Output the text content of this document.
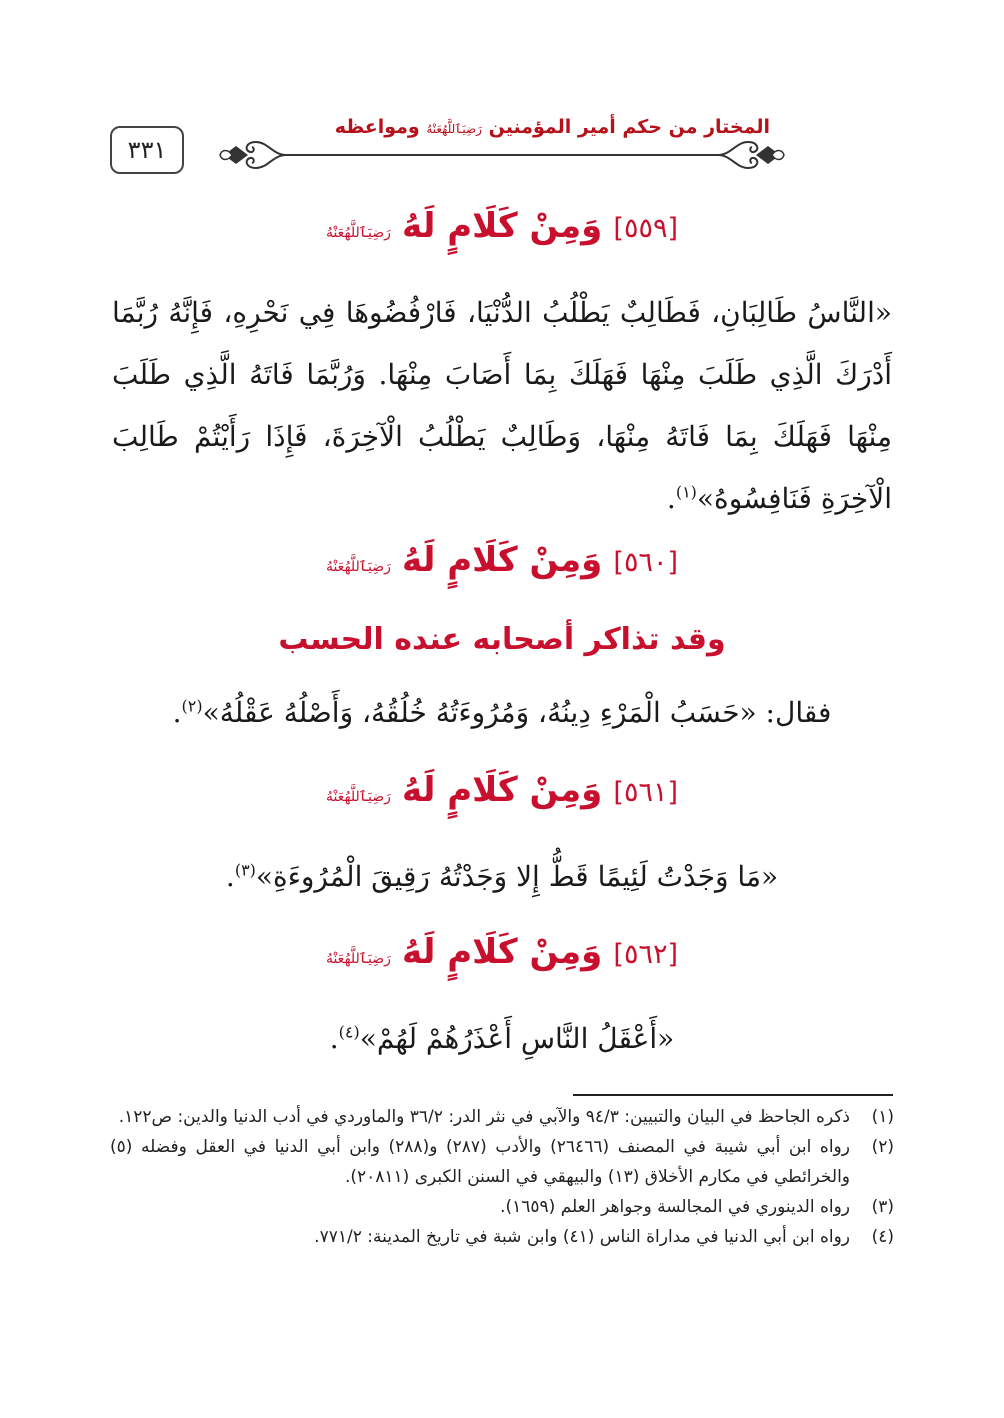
٣٣١
المختار من حكم أمير المؤمنين رَضِيَٱللَّهُعَنْهُ ومواعظه
[٥٥٩] وَمِنْ كَلَامٍ لَهُ رَضِيَٱللَّهُعَنْهُ
«النَّاسُ طَالِبَانِ، فَطَالِبٌ يَطْلُبُ الدُّنْيَا، فَارْفُضُوهَا فِي نَحْرِهِ، فَإِنَّهُ رُبَّمَا أَدْرَكَ الَّذِي طَلَبَ مِنْهَا فَهَلَكَ بِمَا أَصَابَ مِنْهَا. وَرُبَّمَا فَاتَهُ الَّذِي طَلَبَ مِنْهَا فَهَلَكَ بِمَا فَاتَهُ مِنْهَا، وَطَالِبٌ يَطْلُبُ الْآخِرَةَ، فَإِذَا رَأَيْتُمْ طَالِبَ الْآخِرَةِ فَنَافِسُوهُ»$^{(١)}$.
[٥٦٠] وَمِنْ كَلَامٍ لَهُ رَضِيَٱللَّهُعَنْهُ
وقد تذاكر أصحابه عنده الحسب
فقال: «حَسَبُ الْمَرْءِ دِينُهُ، وَمُرُوءَتُهُ خُلُقُهُ، وَأَصْلُهُ عَقْلُهُ»$^{(٢)}$.
[٥٦١] وَمِنْ كَلَامٍ لَهُ رَضِيَٱللَّهُعَنْهُ
«مَا وَجَدْتُ لَئِيمًا قَطُّ إِلا وَجَدْتُهُ رَقِيقَ الْمُرُوءَةِ»$^{(٣)}$.
[٥٦٢] وَمِنْ كَلَامٍ لَهُ رَضِيَٱللَّهُعَنْهُ
«أَعْقَلُ النَّاسِ أَعْذَرُهُمْ لَهُمْ»$^{(٤)}$.
(١)
ذكره الجاحظ في البيان والتبيين: ٩٤/٣ والآبي في نثر الدر: ٣٦/٢ والماوردي في أدب الدنيا والدين: ص١٢٢.
(٢)
رواه ابن أبي شيبة في المصنف (٢٦٤٦٦) والأدب (٢٨٧) و(٢٨٨) وابن أبي الدنيا في العقل وفضله (٥) والخرائطي في مكارم الأخلاق (١٣) والبيهقي في السنن الكبرى (٢٠٨١١).
(٣)
رواه الدينوري في المجالسة وجواهر العلم (١٦٥٩).
(٤)
رواه ابن أبي الدنيا في مداراة الناس (٤١) وابن شبة في تاريخ المدينة: ٧٧١/٢.
